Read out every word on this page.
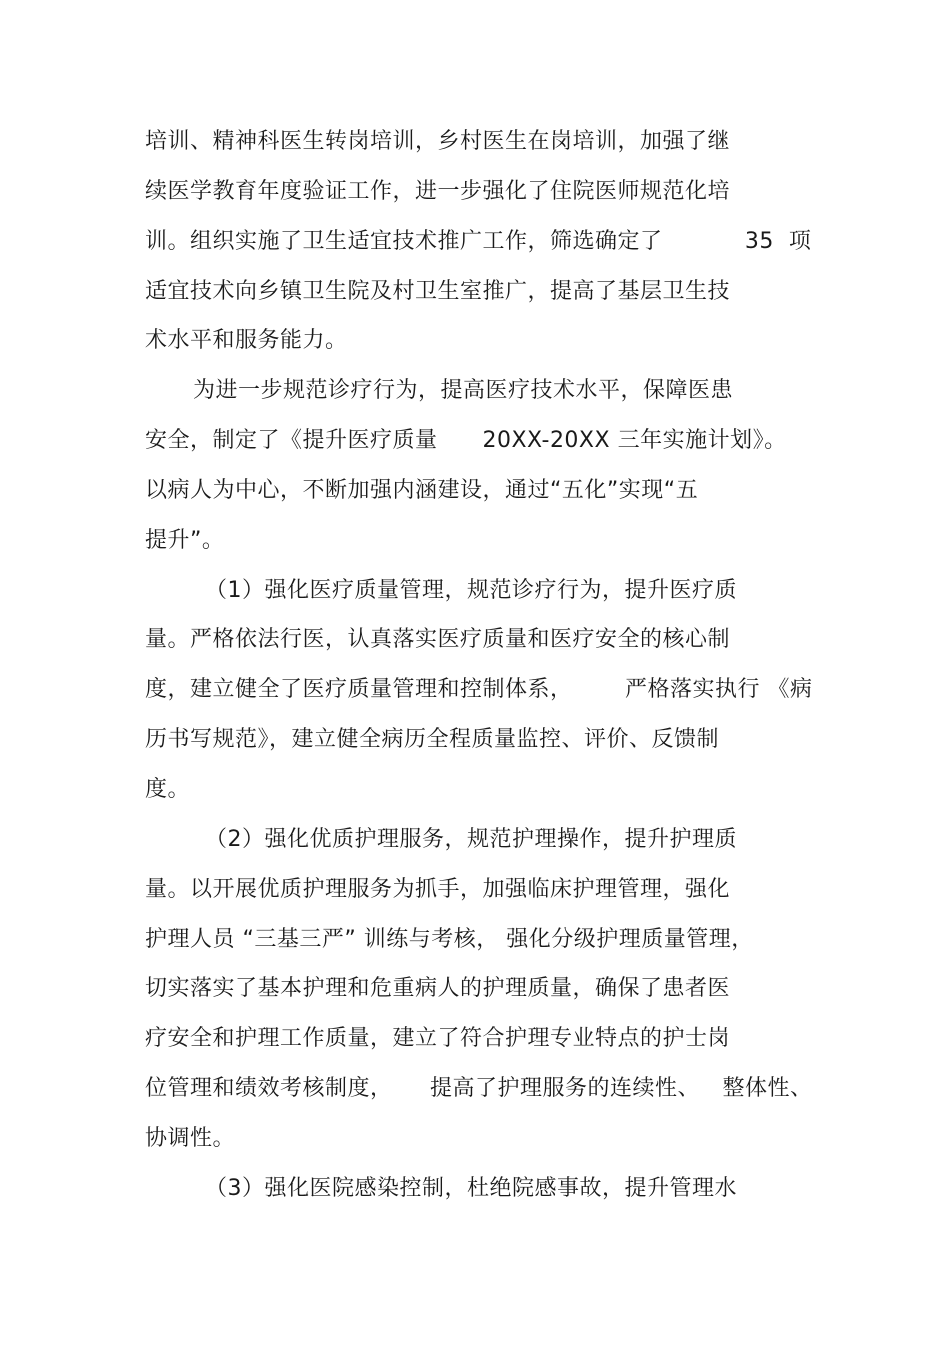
培训、精神科医生转岗培训，乡村医生在岗培训，加强了继
续医学教育年度验证工作，进一步强化了住院医师规范化培
训。组织实施了卫生适宜技术推广工作，筛选确定了           35  项
适宜技术向乡镇卫生院及村卫生室推广，提高了基层卫生技
术水平和服务能力。
为进一步规范诊疗行为，提高医疗技术水平，保障医患
安全，制定了《提升医疗质量      20XX-20XX 三年实施计划》。
以病人为中心，不断加强内涵建设，通过“五化”实现“五
提升”。
（1）强化医疗质量管理，规范诊疗行为，提升医疗质
量。严格依法行医，认真落实医疗质量和医疗安全的核心制
度，建立健全了医疗质量管理和控制体系，       严格落实执行 《病
历书写规范》，建立健全病历全程质量监控、评价、反馈制
度。
（2）强化优质护理服务，规范护理操作，提升护理质
量。以开展优质护理服务为抓手，加强临床护理管理，强化
护理人员 “三基三严” 训练与考核， 强化分级护理质量管理，
切实落实了基本护理和危重病人的护理质量，确保了患者医
疗安全和护理工作质量，建立了符合护理专业特点的护士岗
位管理和绩效考核制度，     提高了护理服务的连续性、   整体性、
协调性。
（3）强化医院感染控制，杜绝院感事故，提升管理水
